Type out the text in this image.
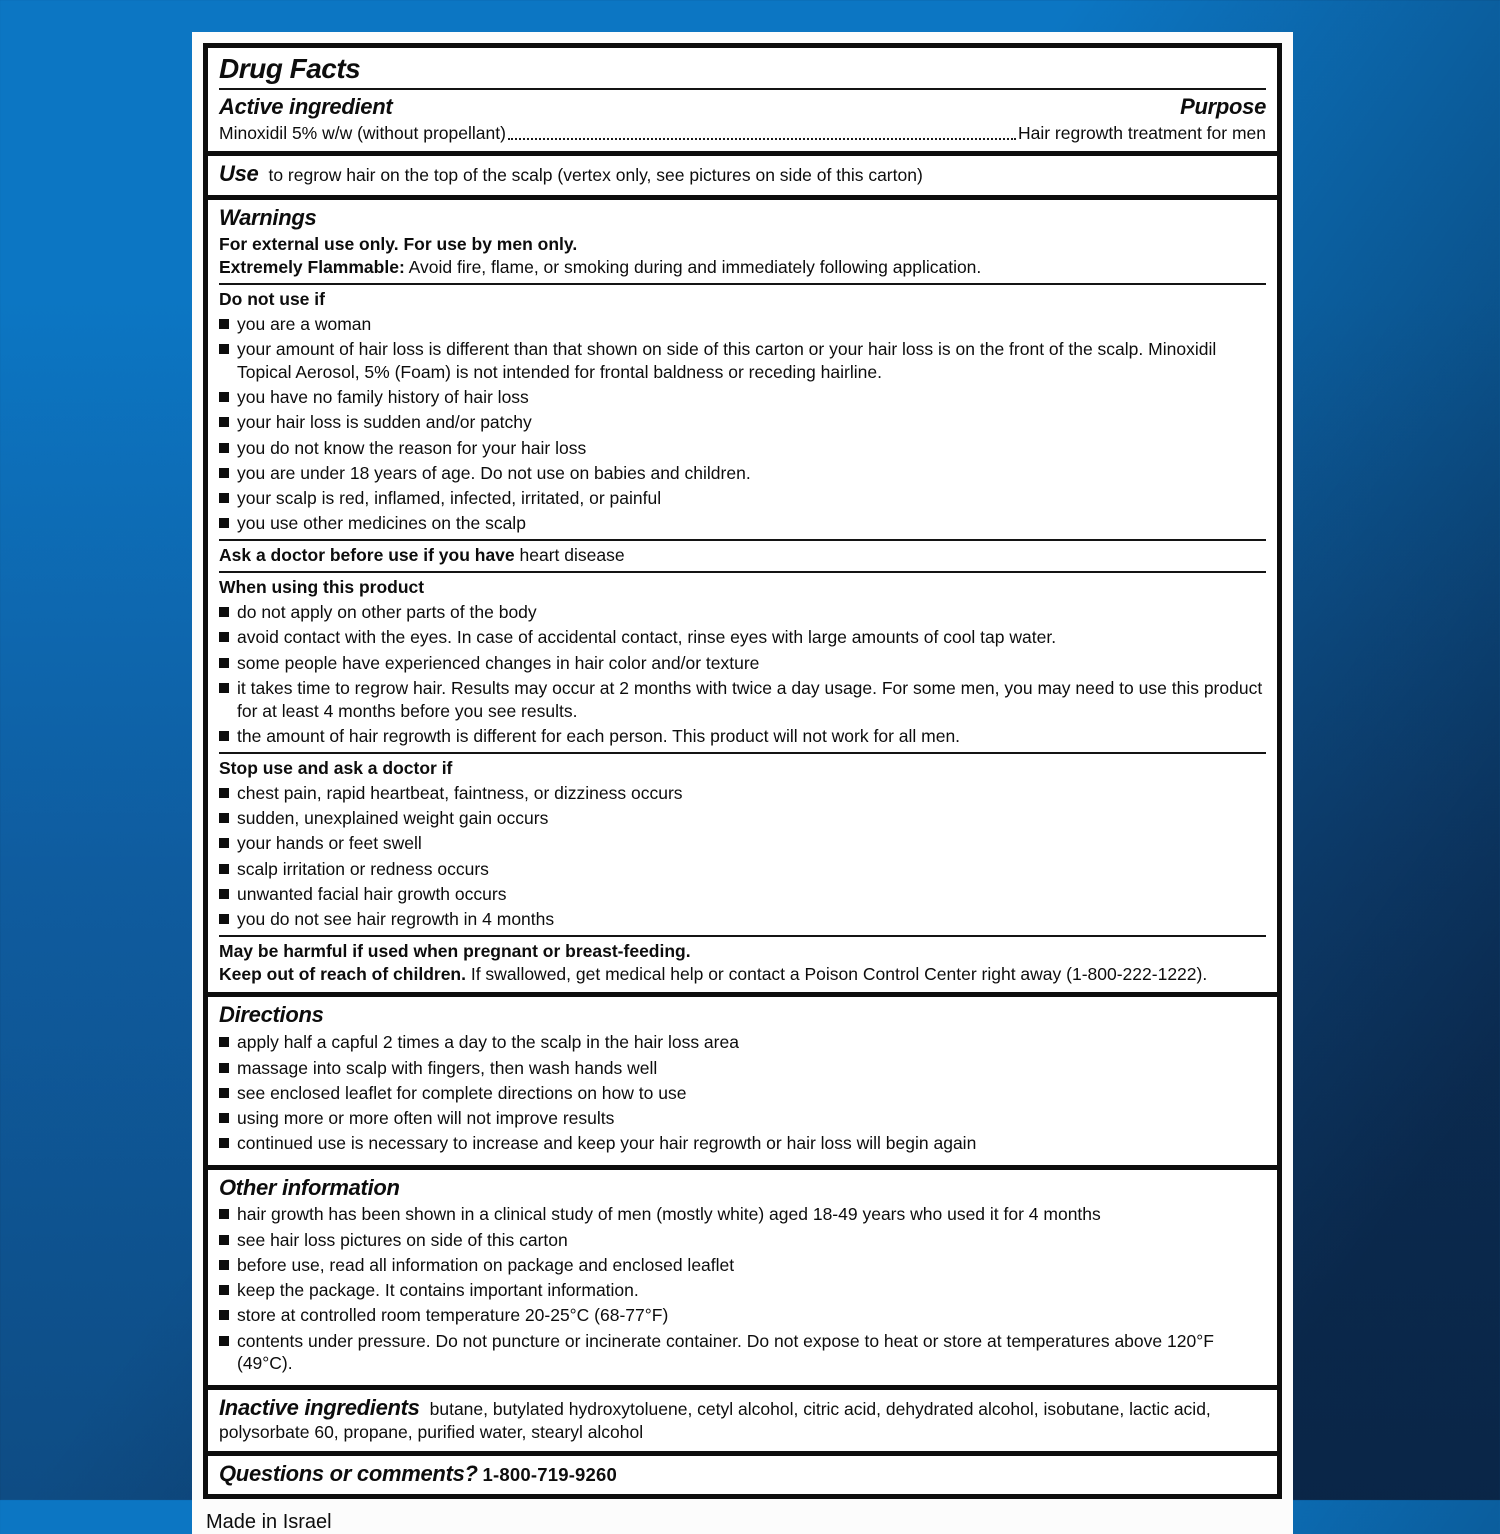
Drug Facts
Active ingredient	Purpose
Minoxidil 5% w/w (without propellant)	Hair regrowth treatment for men

Use to regrow hair on the top of the scalp (vertex only, see pictures on side of this carton)

Warnings

For external use only. For use by men only.

Extremely Flammable: Avoid fire, flame, or smoking during and immediately following application.

Do not use if

you are a woman
your amount of hair loss is different than that shown on side of this carton or your hair loss is on the front of the scalp. Minoxidil Topical Aerosol, 5% (Foam) is not intended for frontal baldness or receding hairline.
you have no family history of hair loss
your hair loss is sudden and/or patchy
you do not know the reason for your hair loss
you are under 18 years of age. Do not use on babies and children.
your scalp is red, inflamed, infected, irritated, or painful
you use other medicines on the scalp

Ask a doctor before use if you have heart disease

When using this product

do not apply on other parts of the body
avoid contact with the eyes. In case of accidental contact, rinse eyes with large amounts of cool tap water.
some people have experienced changes in hair color and/or texture
it takes time to regrow hair. Results may occur at 2 months with twice a day usage. For some men, you may need to use this product for at least 4 months before you see results.
the amount of hair regrowth is different for each person. This product will not work for all men.

Stop use and ask a doctor if

chest pain, rapid heartbeat, faintness, or dizziness occurs
sudden, unexplained weight gain occurs
your hands or feet swell
scalp irritation or redness occurs
unwanted facial hair growth occurs
you do not see hair regrowth in 4 months

May be harmful if used when pregnant or breast-feeding.

Keep out of reach of children. If swallowed, get medical help or contact a Poison Control Center right away (1-800-222-1222).

Directions
apply half a capful 2 times a day to the scalp in the hair loss area
massage into scalp with fingers, then wash hands well
see enclosed leaflet for complete directions on how to use
using more or more often will not improve results
continued use is necessary to increase and keep your hair regrowth or hair loss will begin again
Other information
hair growth has been shown in a clinical study of men (mostly white) aged 18-49 years who used it for 4 months
see hair loss pictures on side of this carton
before use, read all information on package and enclosed leaflet
keep the package. It contains important information.
store at controlled room temperature 20-25°C (68-77°F)
contents under pressure. Do not puncture or incinerate container. Do not expose to heat or store at temperatures above 120°F (49°C).

Inactive ingredients butane, butylated hydroxytoluene, cetyl alcohol, citric acid, dehydrated alcohol, isobutane, lactic acid, polysorbate 60, propane, purified water, stearyl alcohol

Questions or comments? 1-800-719-9260

Made in Israel
